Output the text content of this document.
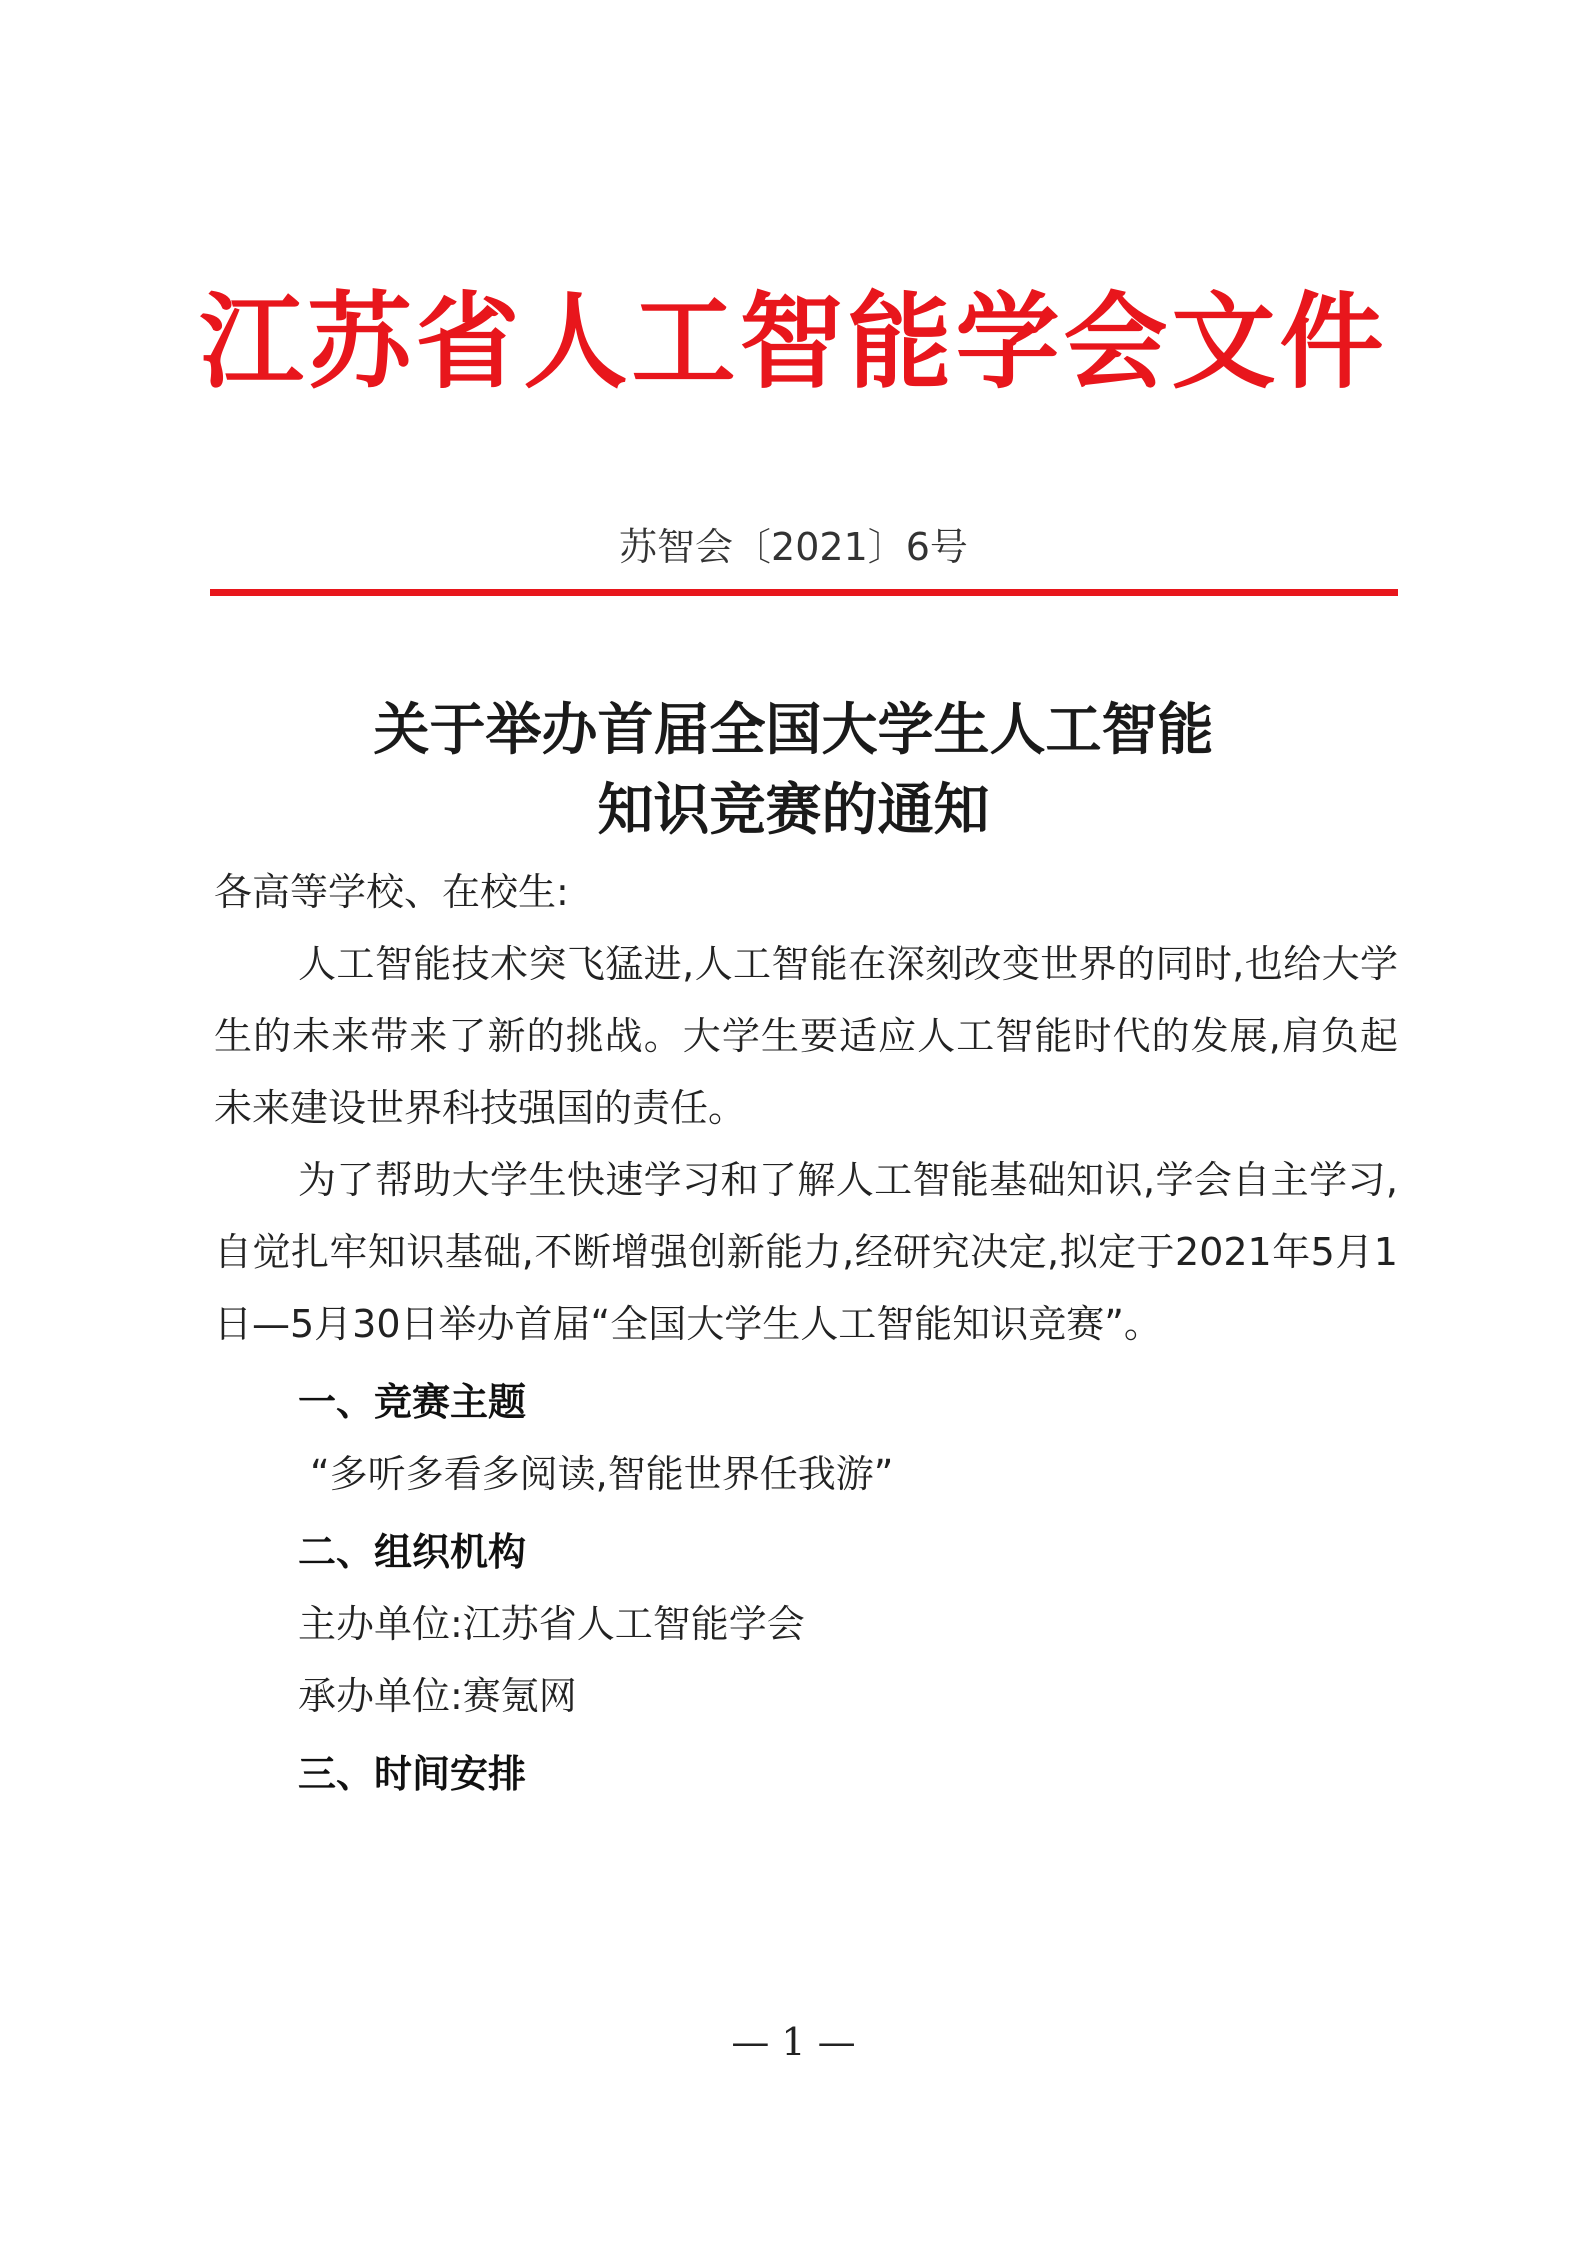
江苏省人工智能学会文件
苏智会〔2021〕6号
关于举办首届全国大学生人工智能
知识竞赛的通知

各高等学校、在校生:

人工智能技术突飞猛进,人工智能在深刻改变世界的同时,也给大学生的未来带来了新的挑战。大学生要适应人工智能时代的发展,肩负起未来建设世界科技强国的责任。

为了帮助大学生快速学习和了解人工智能基础知识,学会自主学习,自觉扎牢知识基础,不断增强创新能力,经研究决定,拟定于2021年5月1日—5月30日举办首届“全国大学生人工智能知识竞赛”。

一、竞赛主题

“多听多看多阅读,智能世界任我游”

二、组织机构

主办单位:江苏省人工智能学会

承办单位:赛氪网

三、时间安排

— 1 —
